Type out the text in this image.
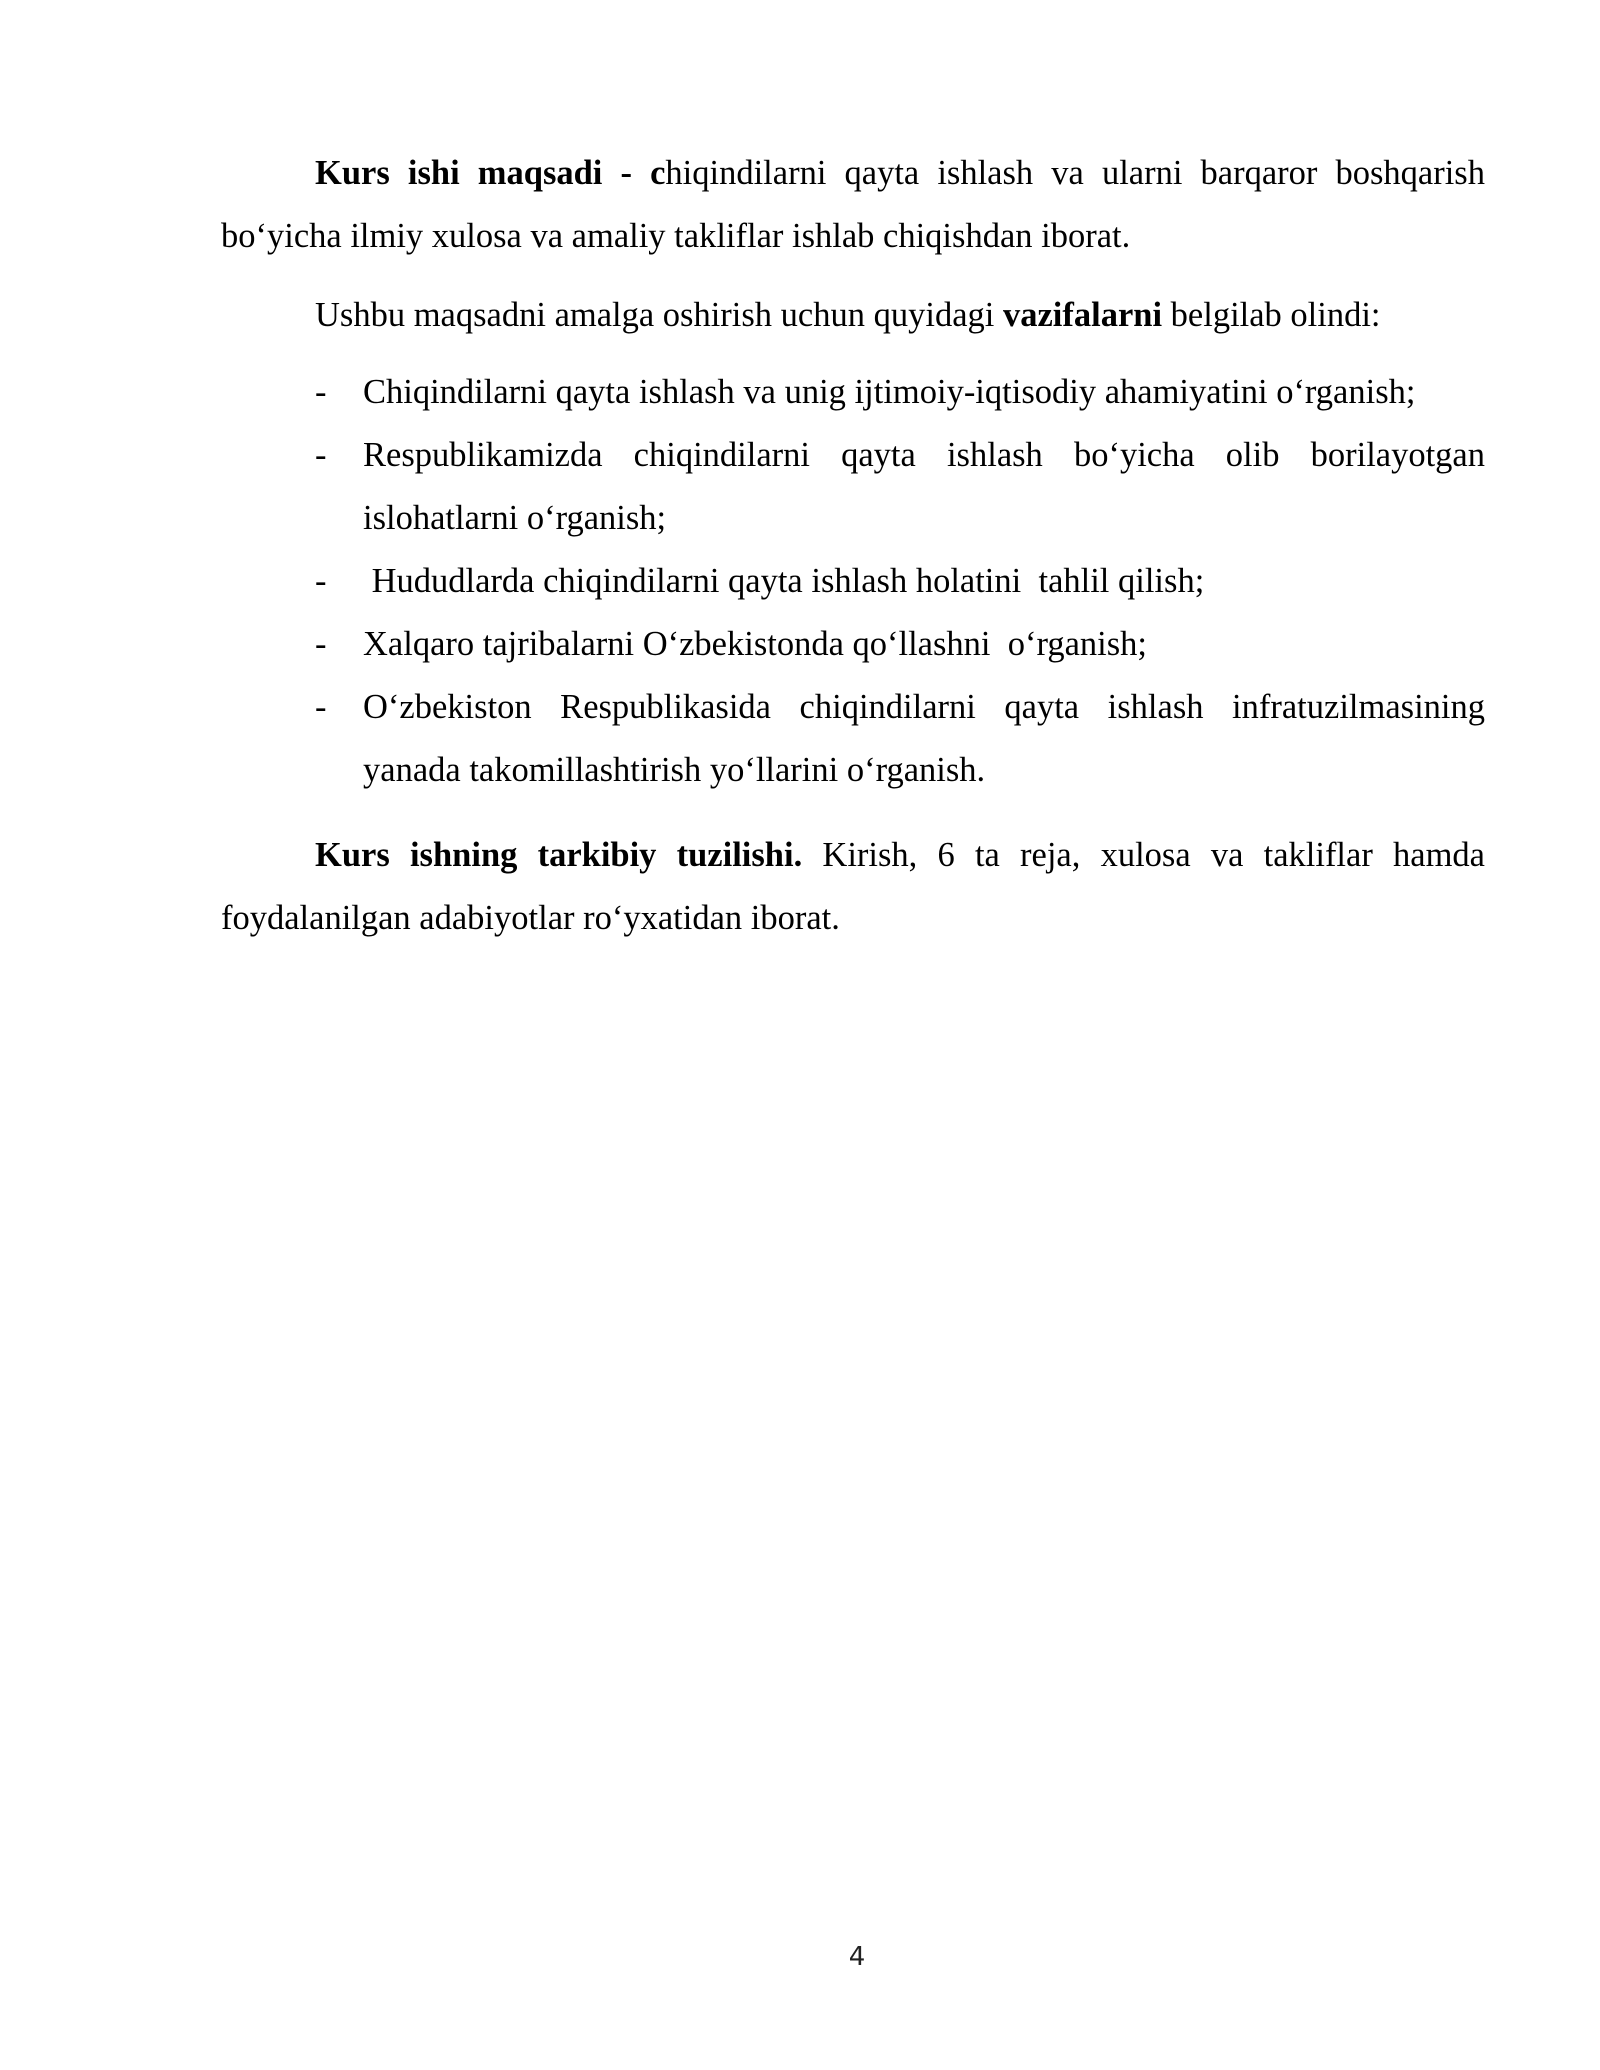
Kurs ishi maqsadi - chiqindilarni qayta ishlash va ularni barqaror boshqarish bo‘yicha ilmiy xulosa va amaliy takliflar ishlab chiqishdan iborat.

Ushbu maqsadni amalga oshirish uchun quyidagi vazifalarni belgilab olindi:

- Chiqindilarni qayta ishlash va unig ijtimoiy-iqtisodiy ahamiyatini o‘rganish;
- Respublikamizda chiqindilarni qayta ishlash bo‘yicha olib borilayotgan islohatlarni o‘rganish;
- Hududlarda chiqindilarni qayta ishlash holatini  tahlil qilish;
- Xalqaro tajribalarni O‘zbekistonda qo‘llashni  o‘rganish;
- O‘zbekiston Respublikasida chiqindilarni qayta ishlash infratuzilmasining yanada takomillashtirish yo‘llarini o‘rganish.

Kurs ishning tarkibiy tuzilishi. Kirish, 6 ta reja, xulosa va takliflar hamda foydalanilgan adabiyotlar ro‘yxatidan iborat.

4
